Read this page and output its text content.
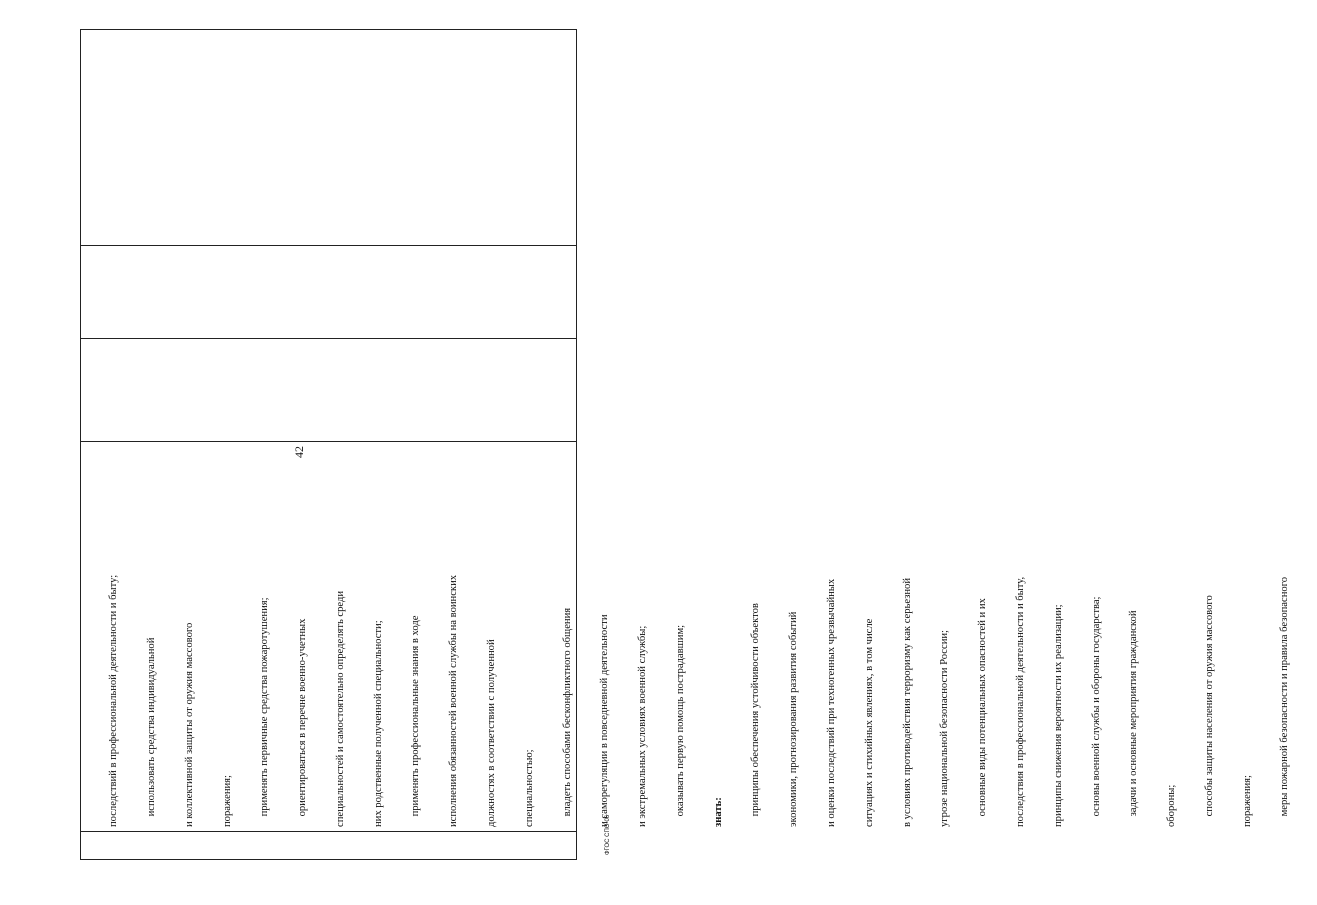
42

последствий в профессиональной деятельности и быту;

	использовать средства индивидуальной

	и коллективной защиты от оружия массового

	поражения;

	применять первичные средства пожаротушения;

	ориентироваться в перечне военно-учетных

	специальностей и самостоятельно определять среди

	них родственные полученной специальности;

	применять профессиональные знания в ходе

	исполнения обязанностей военной службы на воинских

	должностях в соответствии с полученной

	специальностью;

	владеть способами бесконфликтного общения

	и саморегуляции в повседневной деятельности

	и экстремальных условиях военной службы;

	оказывать первую помощь пострадавшим;

	знать:

	принципы обеспечения устойчивости объектов

	экономики, прогнозирования развития событий

	и оценки последствий при техногенных чрезвычайных

	ситуациях и стихийных явлениях, в том числе

	в условиях противодействия терроризму как серьезной

	угрозе национальной безопасности России;

	основные виды потенциальных опасностей и их

	последствия в профессиональной деятельности и быту,

	принципы снижения вероятности их реализации;

	основы военной службы и обороны государства;

	задачи и основные мероприятия гражданской

	обороны;

	способы защиты населения от оружия массового

	поражения;

	меры пожарной безопасности и правила безопасного

ФГОС СПО-06
